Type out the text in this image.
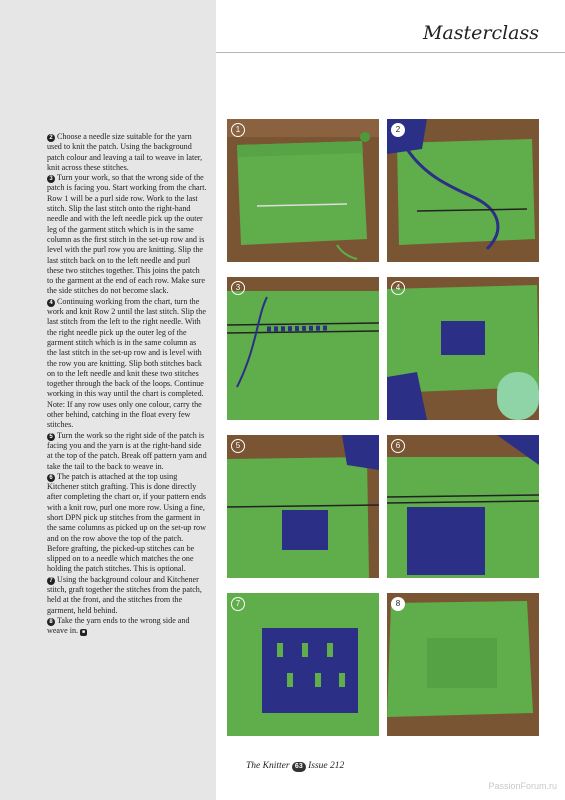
Masterclass

2 Choose a needle size suitable for the yarn used to knit the patch. Using the background patch colour and leaving a tail to weave in later, knit across these stitches.

3 Turn your work, so that the wrong side of the patch is facing you. Start working from the chart. Row 1 will be a purl side row. Work to the last stitch. Slip the last stitch onto the right-hand needle and with the left needle pick up the outer leg of the garment stitch which is in the same column as the first stitch in the set-up row and is level with the purl row you are knitting. Slip the last stitch back on to the left needle and purl these two stitches together. This joins the patch to the garment at the end of each row. Make sure the side stitches do not become slack.

4 Continuing working from the chart, turn the work and knit Row 2 until the last stitch. Slip the last stitch from the left to the right needle. With the right needle pick up the outer leg of the garment stitch which is in the same column as the last stitch in the set-up row and is level with the row you are knitting. Slip both stitches back on to the left needle and knit these two stitches together through the back of the loops. Continue working in this way until the chart is completed.

Note: If any row uses only one colour, carry the other behind, catching in the float every few stitches.

5 Turn the work so the right side of the patch is facing you and the yarn is at the right-hand side at the top of the patch. Break off pattern yarn and take the tail to the back to weave in.

6 The patch is attached at the top using Kitchener stitch grafting. This is done directly after completing the chart or, if your pattern ends with a knit row, purl one more row. Using a fine, short DPN pick up stitches from the garment in the same columns as picked up on the set-up row and on the row above the top of the patch. Before grafting, the picked-up stitches can be slipped on to a needle which matches the one holding the patch stitches. This is optional.

7 Using the background colour and Kitchener stitch, graft together the stitches from the patch, held at the front, and the stitches from the garment, held behind.

8 Take the yarn ends to the wrong side and weave in. ■

1	2
3	4
5	6
7	8
The Knitter 63 Issue 212
PassionForum.ru
